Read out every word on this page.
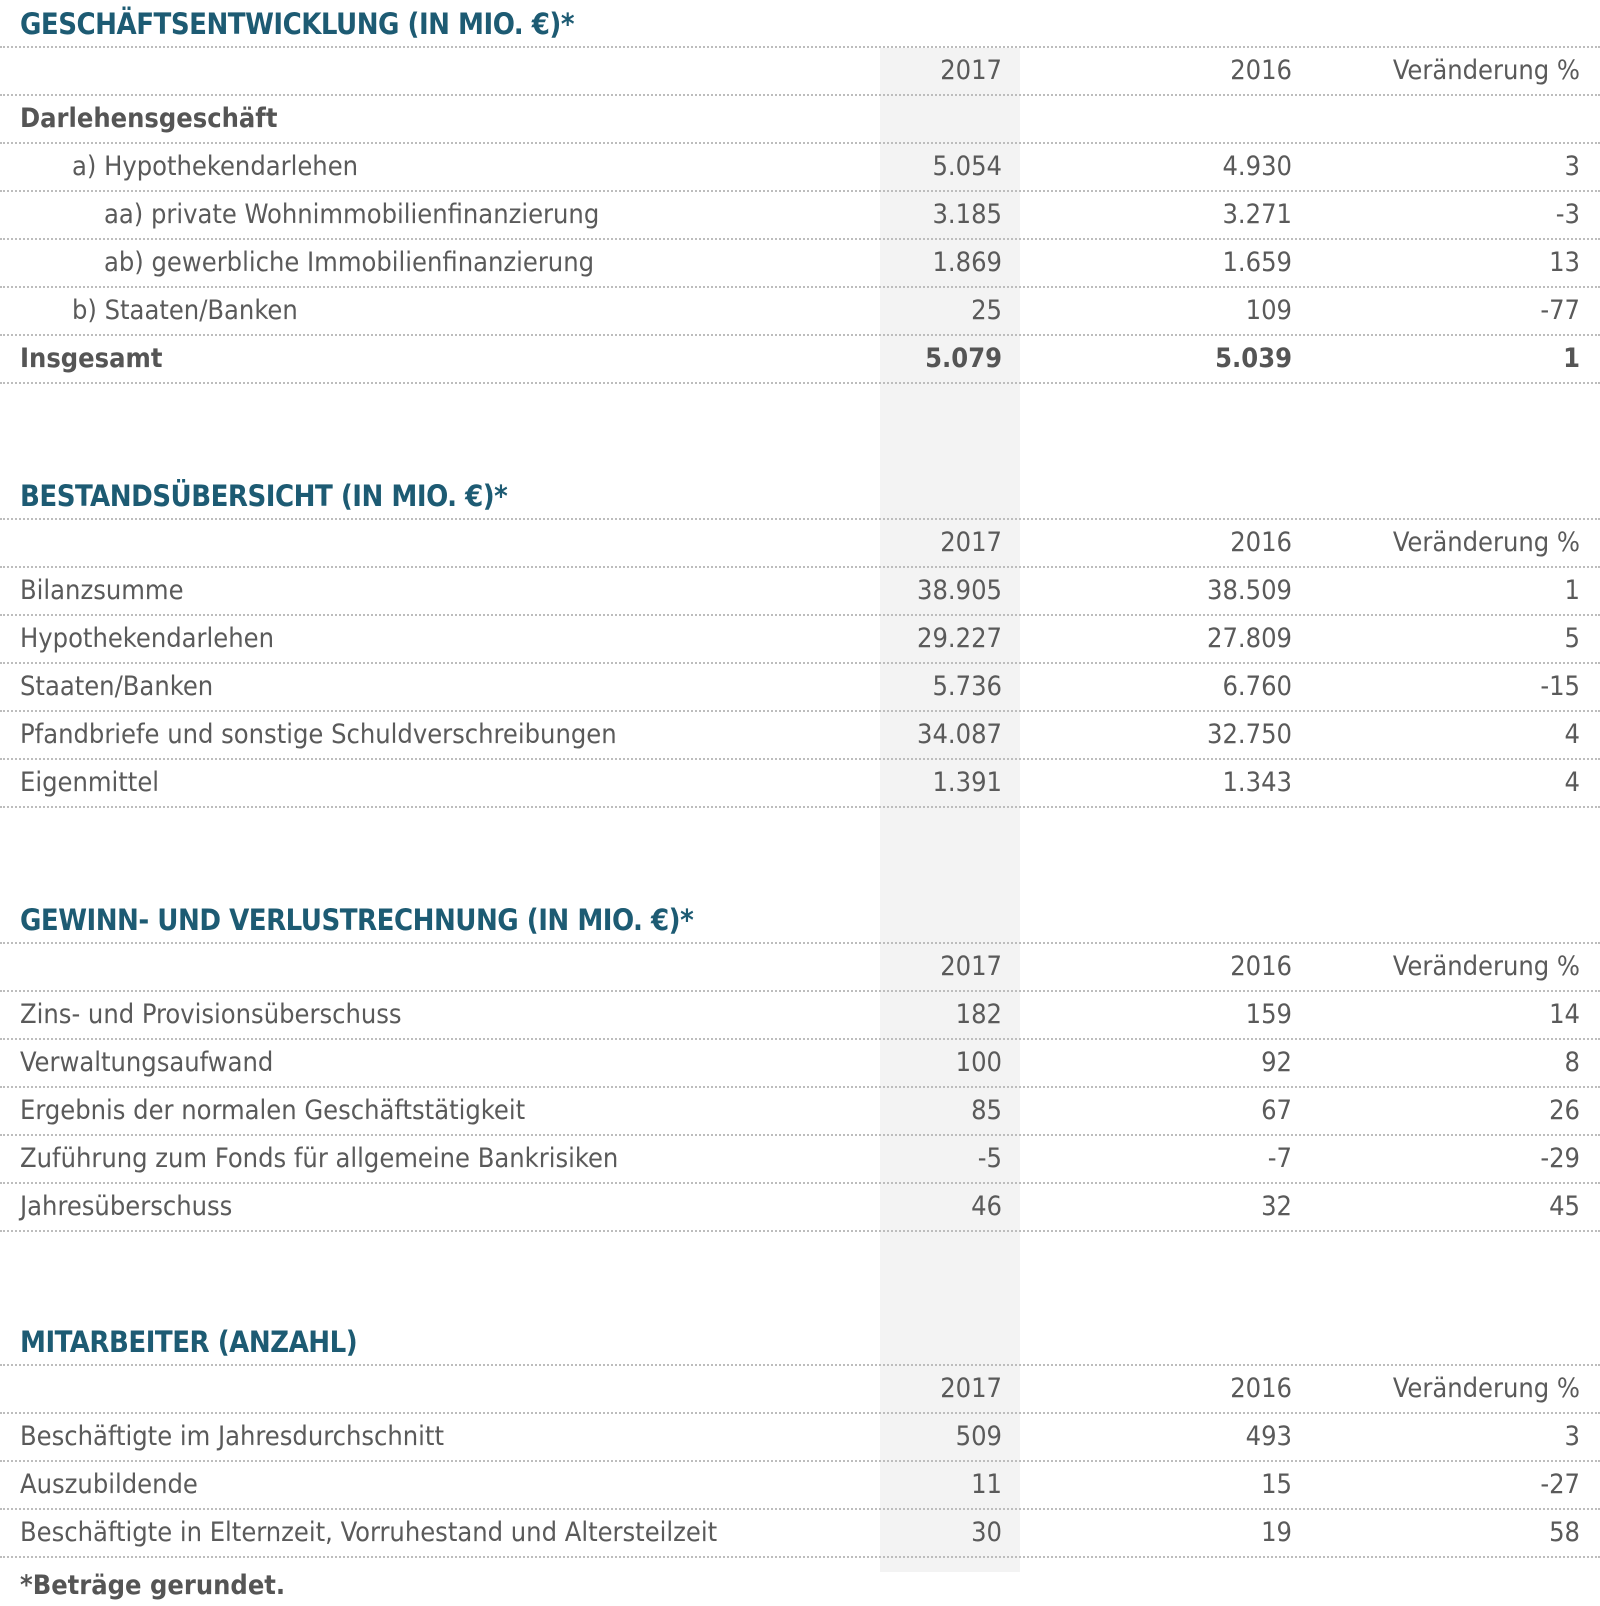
GESCHÄFTSENTWICKLUNG (IN MIO. €)*
2017	2016	Veränderung %
Darlehensgeschäft
a) Hypothekendarlehen	5.054	4.930	3
aa) private Wohnimmobilienfinanzierung	3.185	3.271	-3
ab) gewerbliche Immobilienfinanzierung	1.869	1.659	13
b) Staaten/Banken	25	109	-77
Insgesamt	5.079	5.039	1
BESTANDSÜBERSICHT (IN MIO. €)*
2017	2016	Veränderung %
Bilanzsumme	38.905	38.509	1
Hypothekendarlehen	29.227	27.809	5
Staaten/Banken	5.736	6.760	-15
Pfandbriefe und sonstige Schuldverschreibungen	34.087	32.750	4
Eigenmittel	1.391	1.343	4
GEWINN- UND VERLUSTRECHNUNG (IN MIO. €)*
2017	2016	Veränderung %
Zins- und Provisionsüberschuss	182	159	14
Verwaltungsaufwand	100	92	8
Ergebnis der normalen Geschäftstätigkeit	85	67	26
Zuführung zum Fonds für allgemeine Bankrisiken	-5	-7	-29
Jahresüberschuss	46	32	45
MITARBEITER (ANZAHL)
2017	2016	Veränderung %
Beschäftigte im Jahresdurchschnitt	509	493	3
Auszubildende	11	15	-27
Beschäftigte in Elternzeit, Vorruhestand und Altersteilzeit	30	19	58
*Beträge gerundet.
